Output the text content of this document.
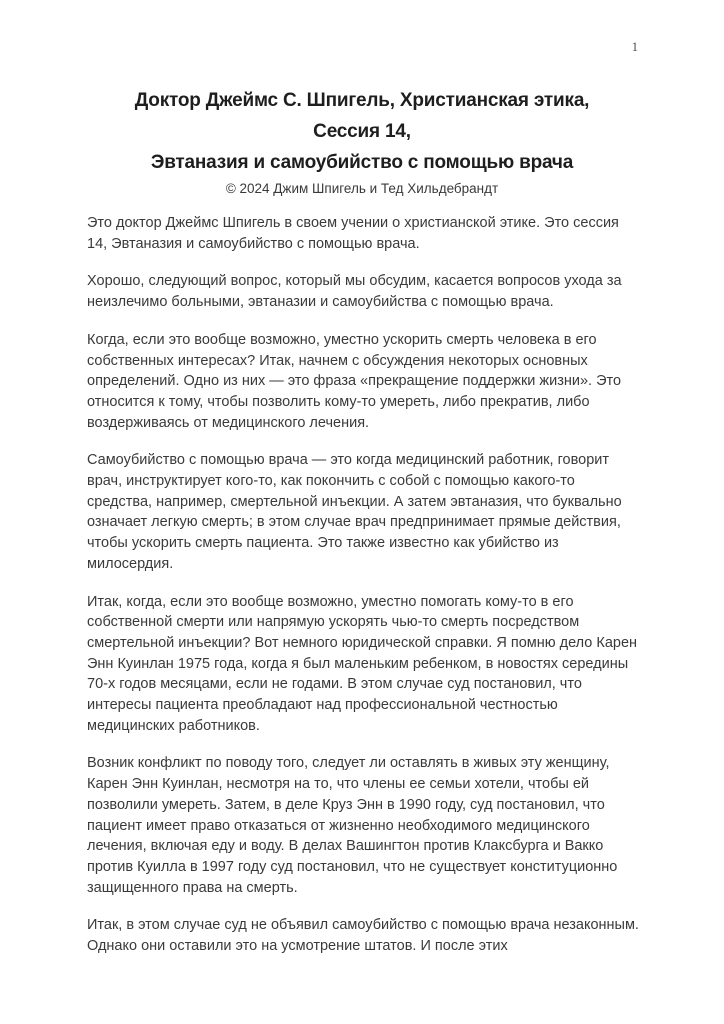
1
Доктор Джеймс С. Шпигель, Христианская этика,
Сессия 14,
Эвтаназия и самоубийство с помощью врача
© 2024 Джим Шпигель и Тед Хильдебрандт

Это доктор Джеймс Шпигель в своем учении о христианской этике. Это сессия 14, Эвтаназия и самоубийство с помощью врача.

Хорошо, следующий вопрос, который мы обсудим, касается вопросов ухода за неизлечимо больными, эвтаназии и самоубийства с помощью врача.

Когда, если это вообще возможно, уместно ускорить смерть человека в его собственных интересах? Итак, начнем с обсуждения некоторых основных определений. Одно из них — это фраза «прекращение поддержки жизни». Это относится к тому, чтобы позволить кому-то умереть, либо прекратив, либо воздерживаясь от медицинского лечения.

Самоубийство с помощью врача — это когда медицинский работник, говорит врач, инструктирует кого-то, как покончить с собой с помощью какого-то средства, например, смертельной инъекции. А затем эвтаназия, что буквально означает легкую смерть; в этом случае врач предпринимает прямые действия, чтобы ускорить смерть пациента. Это также известно как убийство из милосердия.

Итак, когда, если это вообще возможно, уместно помогать кому-то в его собственной смерти или напрямую ускорять чью-то смерть посредством смертельной инъекции? Вот немного юридической справки. Я помню дело Карен Энн Куинлан 1975 года, когда я был маленьким ребенком, в новостях середины 70-х годов месяцами, если не годами. В этом случае суд постановил, что интересы пациента преобладают над профессиональной честностью медицинских работников.

Возник конфликт по поводу того, следует ли оставлять в живых эту женщину, Карен Энн Куинлан, несмотря на то, что члены ее семьи хотели, чтобы ей позволили умереть. Затем, в деле Круз Энн в 1990 году, суд постановил, что пациент имеет право отказаться от жизненно необходимого медицинского лечения, включая еду и воду. В делах Вашингтон против Клаксбурга и Вакко против Куилла в 1997 году суд постановил, что не существует конституционно защищенного права на смерть.

Итак, в этом случае суд не объявил самоубийство с помощью врача незаконным. Однако они оставили это на усмотрение штатов. И после этих
